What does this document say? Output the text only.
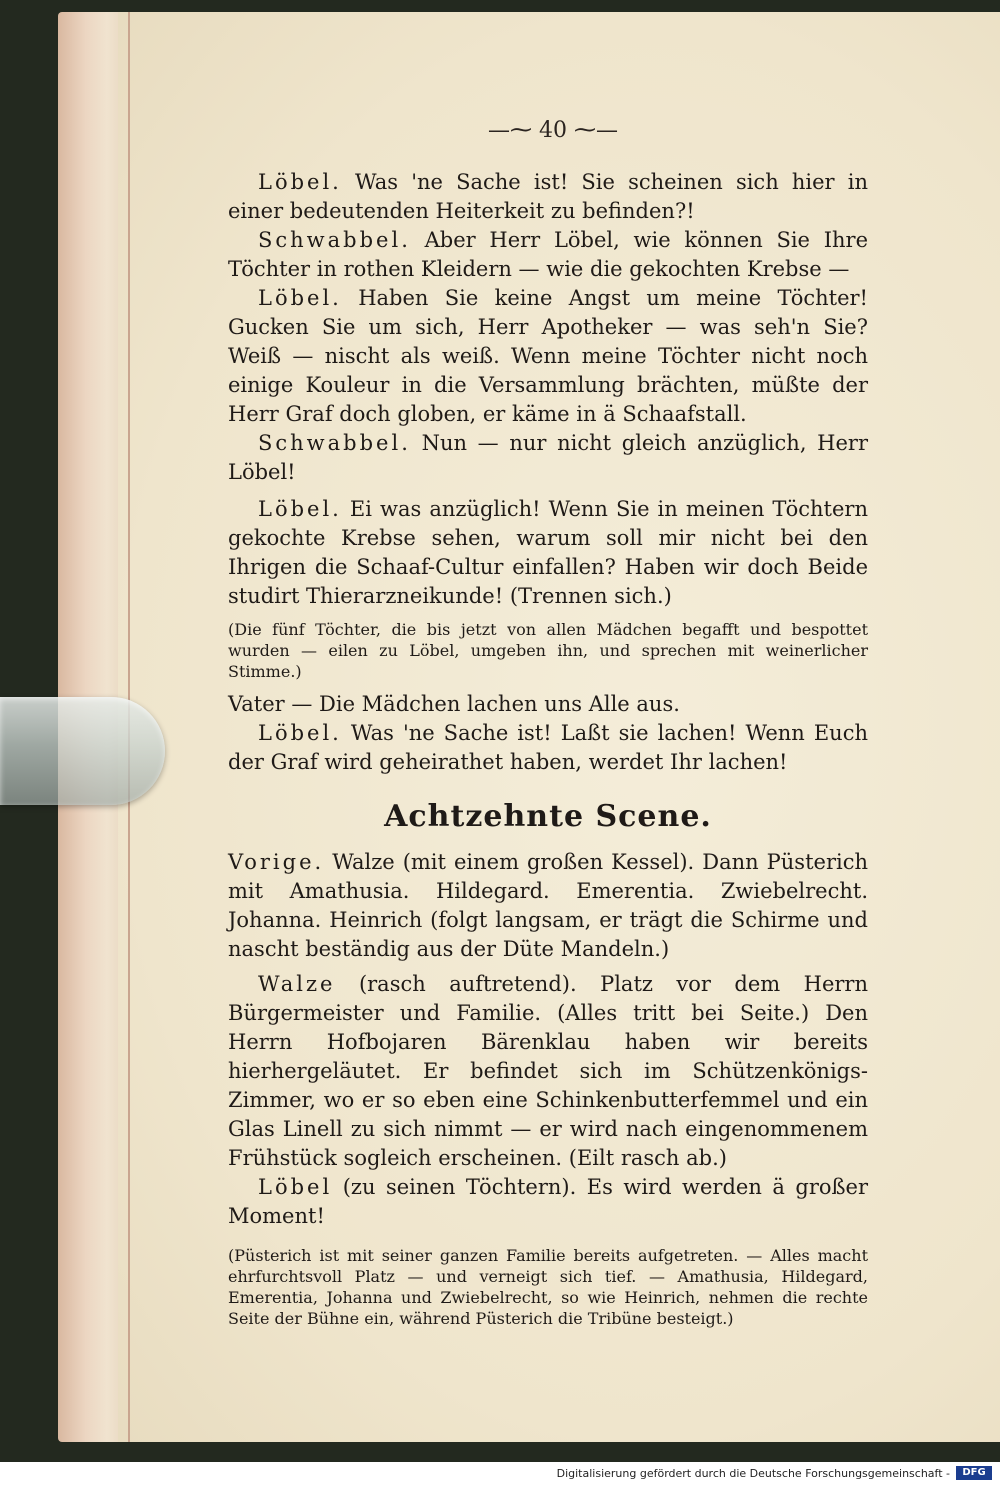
—⁓ 40 ⁓—

Löbel. Was 'ne Sache ist! Sie scheinen sich hier in einer bedeutenden Heiterkeit zu befinden?!

Schwabbel. Aber Herr Löbel, wie können Sie Ihre Töchter in rothen Kleidern — wie die gekochten Krebse —

Löbel. Haben Sie keine Angst um meine Töchter! Gucken Sie um sich, Herr Apotheker — was seh'n Sie? Weiß — nischt als weiß. Wenn meine Töchter nicht noch einige Kouleur in die Versammlung brächten, müßte der Herr Graf doch globen, er käme in ä Schaafstall.

Schwabbel. Nun — nur nicht gleich anzüglich, Herr Löbel!

Löbel. Ei was anzüglich! Wenn Sie in meinen Töchtern gekochte Krebse sehen, warum soll mir nicht bei den Ihrigen die Schaaf-Cultur einfallen? Haben wir doch Beide studirt Thierarzneikunde! (Trennen sich.)

(Die fünf Töchter, die bis jetzt von allen Mädchen begafft und bespottet wurden — eilen zu Löbel, umgeben ihn, und sprechen mit weinerlicher Stimme.)

Vater — Die Mädchen lachen uns Alle aus.

Löbel. Was 'ne Sache ist! Laßt sie lachen! Wenn Euch der Graf wird geheirathet haben, werdet Ihr lachen!

Achtzehnte Scene.

Vorige. Walze (mit einem großen Kessel). Dann Püsterich mit Amathusia. Hildegard. Emerentia. Zwiebelrecht. Johanna. Heinrich (folgt langsam, er trägt die Schirme und nascht beständig aus der Düte Mandeln.)

Walze (rasch auftretend). Platz vor dem Herrn Bürgermeister und Familie. (Alles tritt bei Seite.) Den Herrn Hofbojaren Bärenklau haben wir bereits hierhergeläutet. Er befindet sich im Schützenkönigs-Zimmer, wo er so eben eine Schinkenbutterfemmel und ein Glas Linell zu sich nimmt — er wird nach eingenommenem Frühstück sogleich erscheinen. (Eilt rasch ab.)

Löbel (zu seinen Töchtern). Es wird werden ä großer Moment!

(Püsterich ist mit seiner ganzen Familie bereits aufgetreten. — Alles macht ehrfurchtsvoll Platz — und verneigt sich tief. — Amathusia, Hildegard, Emerentia, Johanna und Zwiebelrecht, so wie Heinrich, nehmen die rechte Seite der Bühne ein, während Püsterich die Tribüne besteigt.)

Digitalisierung gefördert durch die Deutsche Forschungsgemeinschaft -	DFG
